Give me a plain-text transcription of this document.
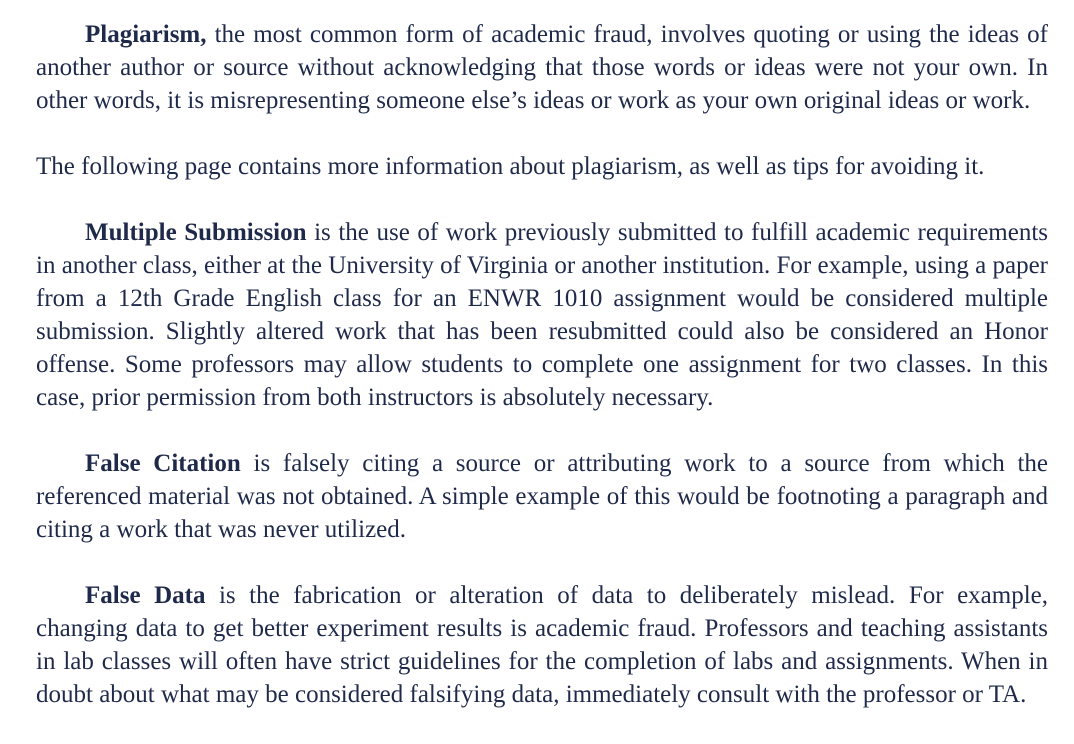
Plagiarism, the most common form of academic fraud, involves quoting or using the ideas of another author or source without acknowledging that those words or ideas were not your own. In other words, it is misrepresenting someone else’s ideas or work as your own original ideas or work.

The following page contains more information about plagiarism, as well as tips for avoiding it.

Multiple Submission is the use of work previously submitted to fulfill academic requirements in another class, either at the University of Virginia or another institution. For example, using a paper from a 12th Grade English class for an ENWR 1010 assignment would be considered multiple submission. Slightly altered work that has been resubmitted could also be considered an Honor offense. Some professors may allow students to complete one assignment for two classes. In this case, prior permission from both instructors is absolutely necessary.

False Citation is falsely citing a source or attributing work to a source from which the referenced material was not obtained. A simple example of this would be footnoting a paragraph and citing a work that was never utilized.

False Data is the fabrication or alteration of data to deliberately mislead. For example, changing data to get better experiment results is academic fraud. Professors and teaching assistants in lab classes will often have strict guidelines for the completion of labs and assignments. When in doubt about what may be considered falsifying data, immediately consult with the professor or TA.
